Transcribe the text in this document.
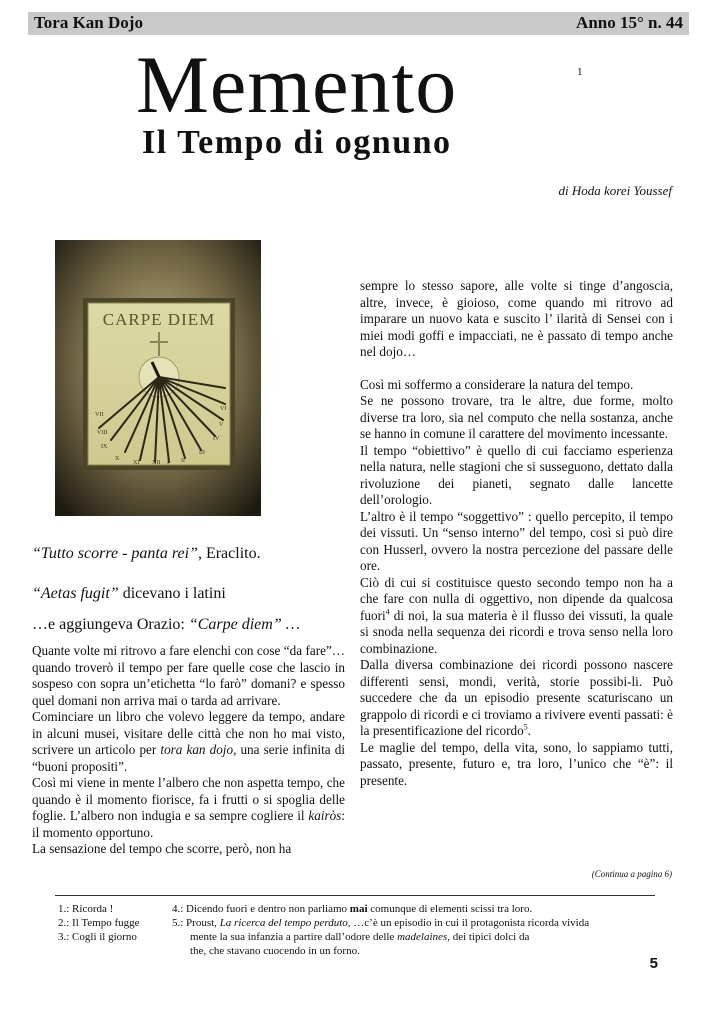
Tora Kan Dojo	Anno 15° n. 44
Memento	1
Il Tempo di ognuno
di Hoda korei Youssef
CARPE DIEM
VII
VIII
IX
X
XI XII I II
III
IV
V
VI
“Tutto scorre - panta rei”, Eraclito.
“Aetas fugit” dicevano i latini
…e aggiungeva Orazio: “Carpe diem” …

Quante volte mi ritrovo a fare elenchi con cose “da fare”…quando troverò il tempo per fare quelle cose che lascio in sospeso con sopra un’etichetta “lo farò” domani? e spesso quel domani non arriva mai o tarda ad arrivare.

Cominciare un libro che volevo leggere da tempo, andare in alcuni musei, visitare delle città che non ho mai visto, scrivere un articolo per tora kan dojo, una serie infinita di “buoni propositi”.

Così mi viene in mente l’albero che non aspetta tempo, che quando è il momento fiorisce, fa i frutti o si spoglia delle foglie. L’albero non indugia e sa sempre cogliere il kairòs: il momento opportuno.

La sensazione del tempo che scorre, però, non ha

sempre lo stesso sapore, alle volte si tinge d’angoscia, altre, invece, è gioioso, come quando mi ritrovo ad imparare un nuovo kata e suscito l’ ilarità di Sensei con i miei modi goffi e impacciati, ne è passato di tempo anche nel dojo…

Così mi soffermo a considerare la natura del tempo.

Se ne possono trovare, tra le altre, due forme, molto diverse tra loro, sia nel computo che nella sostanza, anche se hanno in comune il carattere del movimento incessante.

Il tempo “obiettivo” è quello di cui facciamo esperienza nella natura, nelle stagioni che si susseguono, dettato dalla rivoluzione dei pianeti, segnato dalle lancette dell’orologio.

L’altro è il tempo “soggettivo” : quello percepito, il tempo dei vissuti. Un “senso interno” del tempo, così si può dire con Husserl, ovvero la nostra percezione del passare delle ore.

Ciò di cui si costituisce questo secondo tempo non ha a che fare con nulla di oggettivo, non dipende da qualcosa fuori$^4$ di noi, la sua materia è il flusso dei vissuti, la quale si snoda nella sequenza dei ricordi e trova senso nella loro combinazione.

Dalla diversa combinazione dei ricordi possono nascere differenti sensi, mondi, verità, storie possibi-li. Può succedere che da un episodio presente scaturiscano un grappolo di ricordi e ci troviamo a rivivere eventi passati: è la presentificazione del ricordo$^5$.

Le maglie del tempo, della vita, sono, lo sappiamo tutti, passato, presente, futuro e, tra loro, l’unico che “è”: il presente.

(Continua a pagina 6)
1.: Ricorda !
2.: Il Tempo fugge
3.: Cogli il giorno
4.: Dicendo fuori e dentro non parliamo mai comunque di elementi scissi tra loro.
5.: Proust, La ricerca del tempo perduto, …c’è un episodio in cui il protagonista ricorda vivida
mente la sua infanzia a partire dall’odore delle madelaines, dei tipici dolci da
the, che stavano cuocendo in un forno.
5
